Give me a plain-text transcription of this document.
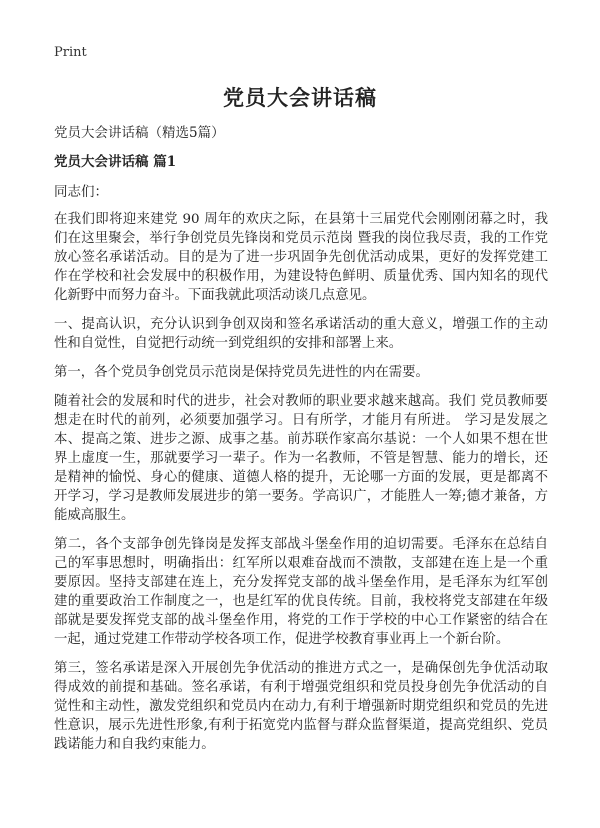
Print
党员大会讲话稿

党员大会讲话稿（精选5篇）

党员大会讲话稿 篇1

同志们：

在我们即将迎来建党 90 周年的欢庆之际，在县第十三届党代会刚刚闭幕之时，我们在这里聚会，举行争创党员先锋岗和党员示范岗 暨我的岗位我尽责，我的工作党放心签名承诺活动。目的是为了进一步巩固争先创优活动成果，更好的发挥党建工作在学校和社会发展中的积极作用，为建设特色鲜明、质量优秀、国内知名的现代化新野中而努力奋斗。下面我就此项活动谈几点意见。

一、提高认识，充分认识到争创双岗和签名承诺活动的重大意义，增强工作的主动性和自觉性，自觉把行动统一到党组织的安排和部署上来。

第一，各个党员争创党员示范岗是保持党员先进性的内在需要。

随着社会的发展和时代的进步，社会对教师的职业要求越来越高。我们 党员教师要想走在时代的前列，必须要加强学习。日有所学，才能月有所进。 学习是发展之本、提高之策、进步之源、成事之基。前苏联作家高尔基说：一个人如果不想在世界上虚度一生，那就要学习一辈子。作为一名教师，不管是智慧、能力的增长，还是精神的愉悦、身心的健康、道德人格的提升，无论哪一方面的发展，更是都离不开学习，学习是教师发展进步的第一要务。学高识广，才能胜人一筹;德才兼备，方能威高服生。

第二，各个支部争创先锋岗是发挥支部战斗堡垒作用的迫切需要。毛泽东在总结自己的军事思想时，明确指出：红军所以艰难奋战而不溃散，支部建在连上是一个重要原因。坚持支部建在连上，充分发挥党支部的战斗堡垒作用，是毛泽东为红军创建的重要政治工作制度之一，也是红军的优良传统。目前，我校将党支部建在年级部就是要发挥党支部的战斗堡垒作用，将党的工作于学校的中心工作紧密的结合在一起，通过党建工作带动学校各项工作，促进学校教育事业再上一个新台阶。

第三，签名承诺是深入开展创先争优活动的推进方式之一，是确保创先争优活动取得成效的前提和基础。签名承诺，有利于增强党组织和党员投身创先争优活动的自觉性和主动性，激发党组织和党员内在动力,有利于增强新时期党组织和党员的先进性意识，展示先进性形象,有利于拓宽党内监督与群众监督渠道，提高党组织、党员践诺能力和自我约束能力。
